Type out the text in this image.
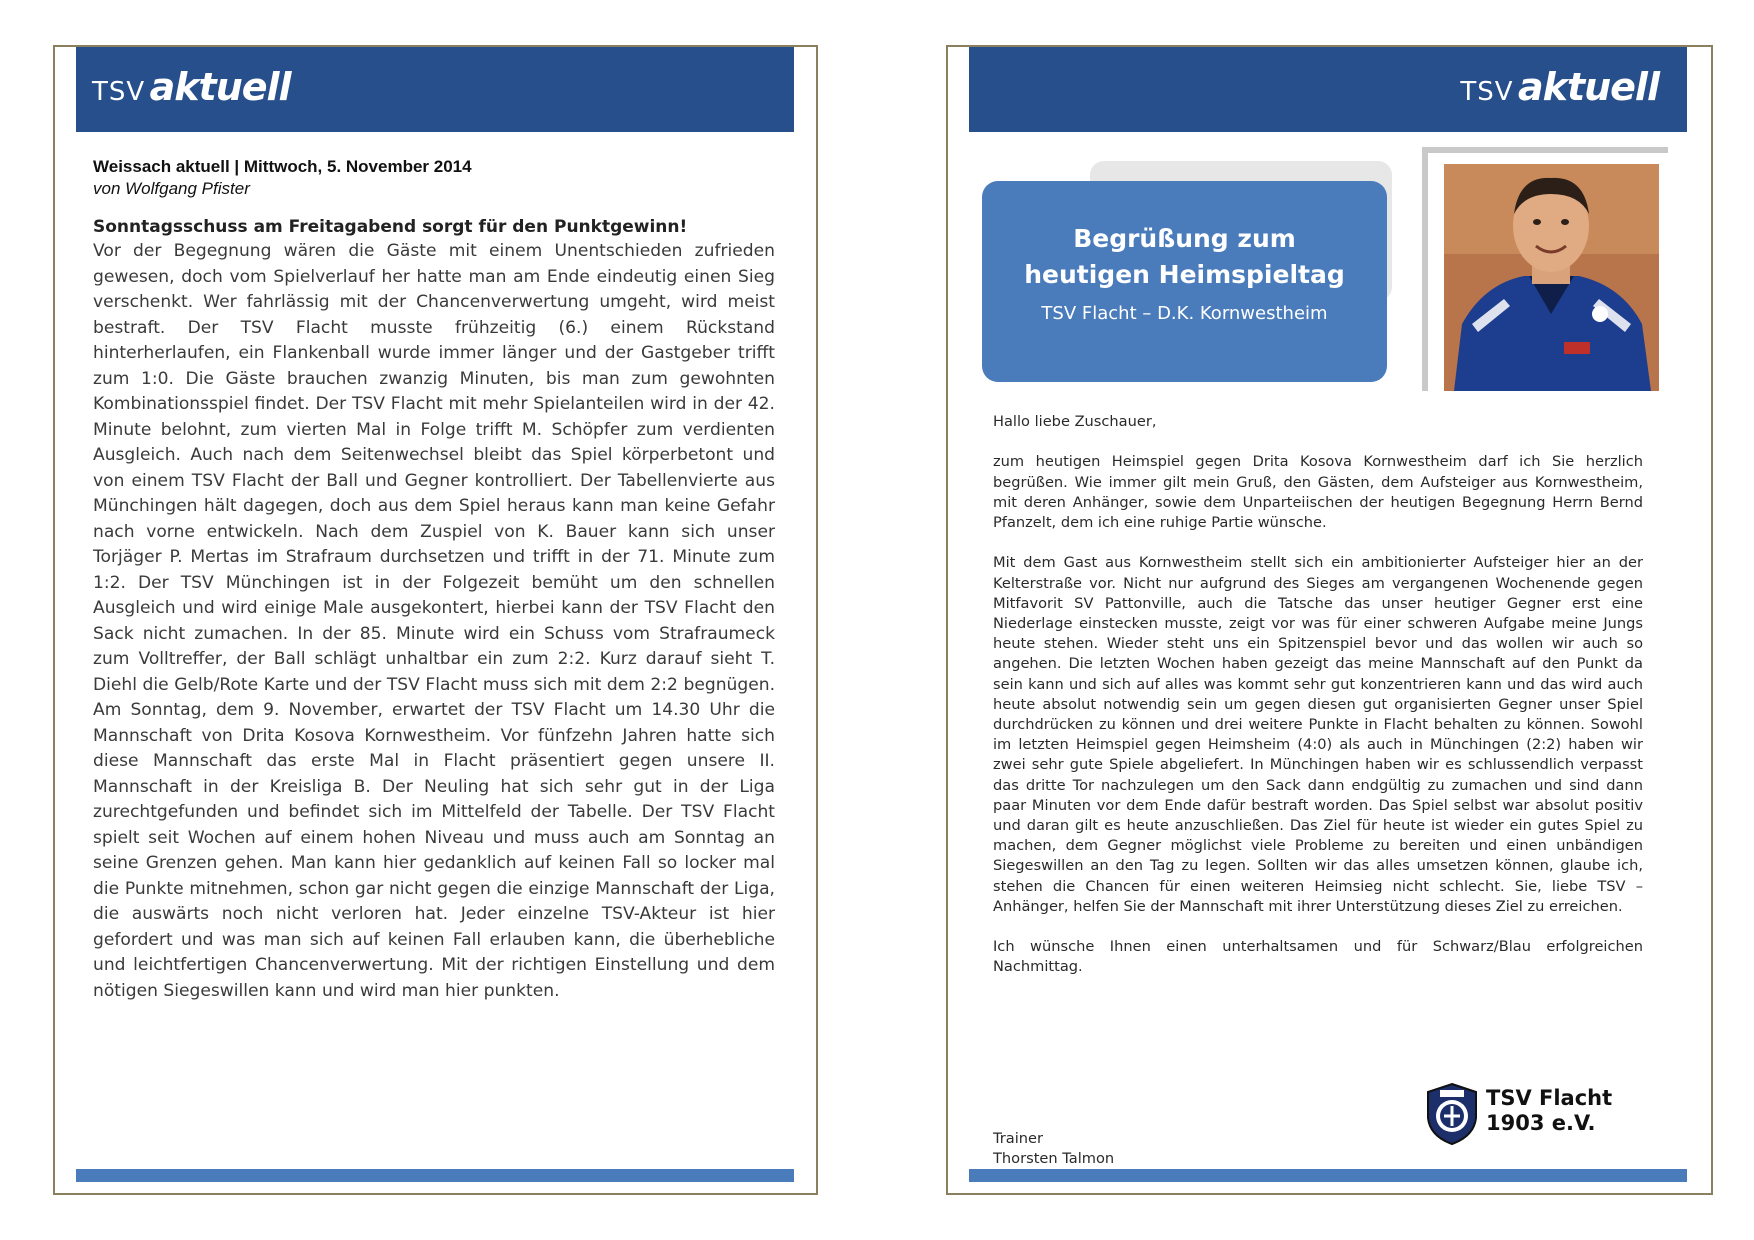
TSV aktuell
Weissach aktuell | Mittwoch, 5. November 2014
von Wolfgang Pfister
Sonntagsschuss am Freitagabend sorgt für den Punktgewinn!
Vor der Begegnung wären die Gäste mit einem Unentschieden zufrieden gewesen, doch vom Spielverlauf her hatte man am Ende eindeutig einen Sieg verschenkt. Wer fahrlässig mit der Chancenverwertung umgeht, wird meist bestraft. Der TSV Flacht musste frühzeitig (6.) einem Rückstand hinterherlaufen, ein Flankenball wurde immer länger und der Gastgeber trifft zum 1:0. Die Gäste brauchen zwanzig Minuten, bis man zum gewohnten Kombinationsspiel findet. Der TSV Flacht mit mehr Spielanteilen wird in der 42. Minute belohnt, zum vierten Mal in Folge trifft M. Schöpfer zum verdienten Ausgleich. Auch nach dem Seitenwechsel bleibt das Spiel körperbetont und von einem TSV Flacht der Ball und Gegner kontrolliert. Der Tabellenvierte aus Münchingen hält dagegen, doch aus dem Spiel heraus kann man keine Gefahr nach vorne entwickeln. Nach dem Zuspiel von K. Bauer kann sich unser Torjäger P. Mertas im Strafraum durchsetzen und trifft in der 71. Minute zum 1:2. Der TSV Münchingen ist in der Folgezeit bemüht um den schnellen Ausgleich und wird einige Male ausgekontert, hierbei kann der TSV Flacht den Sack nicht zumachen. In der 85. Minute wird ein Schuss vom Strafraumeck zum Volltreffer, der Ball schlägt unhaltbar ein zum 2:2. Kurz darauf sieht T. Diehl die Gelb/Rote Karte und der TSV Flacht muss sich mit dem 2:2 begnügen. Am Sonntag, dem 9. November, erwartet der TSV Flacht um 14.30 Uhr die Mannschaft von Drita Kosova Kornwestheim. Vor fünfzehn Jahren hatte sich diese Mannschaft das erste Mal in Flacht präsentiert gegen unsere II. Mannschaft in der Kreisliga B. Der Neuling hat sich sehr gut in der Liga zurechtgefunden und befindet sich im Mittelfeld der Tabelle. Der TSV Flacht spielt seit Wochen auf einem hohen Niveau und muss auch am Sonntag an seine Grenzen gehen. Man kann hier gedanklich auf keinen Fall so locker mal die Punkte mitnehmen, schon gar nicht gegen die einzige Mannschaft der Liga, die auswärts noch nicht verloren hat. Jeder einzelne TSV-Akteur ist hier gefordert und was man sich auf keinen Fall erlauben kann, die überhebliche und leichtfertigen Chancenverwertung. Mit der richtigen Einstellung und dem nötigen Siegeswillen kann und wird man hier punkten.
TSV aktuell
Begrüßung zum heutigen Heimspieltag
TSV Flacht – D.K. Kornwestheim

Hallo liebe Zuschauer,

zum heutigen Heimspiel gegen Drita Kosova Kornwestheim darf ich Sie herzlich begrüßen. Wie immer gilt mein Gruß, den Gästen, dem Aufsteiger aus Kornwestheim, mit deren Anhänger, sowie dem Unparteiischen der heutigen Begegnung Herrn Bernd Pfanzelt, dem ich eine ruhige Partie wünsche.

Mit dem Gast aus Kornwestheim stellt sich ein ambitionierter Aufsteiger hier an der Kelterstraße vor. Nicht nur aufgrund des Sieges am vergangenen Wochenende gegen Mitfavorit SV Pattonville, auch die Tatsche das unser heutiger Gegner erst eine Niederlage einstecken musste, zeigt vor was für einer schweren Aufgabe meine Jungs heute stehen. Wieder steht uns ein Spitzenspiel bevor und das wollen wir auch so angehen. Die letzten Wochen haben gezeigt das meine Mannschaft auf den Punkt da sein kann und sich auf alles was kommt sehr gut konzentrieren kann und das wird auch heute absolut notwendig sein um gegen diesen gut organisierten Gegner unser Spiel durchdrücken zu können und drei weitere Punkte in Flacht behalten zu können. Sowohl im letzten Heimspiel gegen Heimsheim (4:0) als auch in Münchingen (2:2) haben wir zwei sehr gute Spiele abgeliefert. In Münchingen haben wir es schlussendlich verpasst das dritte Tor nachzulegen um den Sack dann endgültig zu zumachen und sind dann paar Minuten vor dem Ende dafür bestraft worden. Das Spiel selbst war absolut positiv und daran gilt es heute anzuschließen. Das Ziel für heute ist wieder ein gutes Spiel zu machen, dem Gegner möglichst viele Probleme zu bereiten und einen unbändigen Siegeswillen an den Tag zu legen. Sollten wir das alles umsetzen können, glaube ich, stehen die Chancen für einen weiteren Heimsieg nicht schlecht. Sie, liebe TSV – Anhänger, helfen Sie der Mannschaft mit ihrer Unterstützung dieses Ziel zu erreichen.

Ich wünsche Ihnen einen unterhaltsamen und für Schwarz/Blau erfolgreichen Nachmittag.

Trainer
Thorsten Talmon
TSV Flacht
1903 e.V.
